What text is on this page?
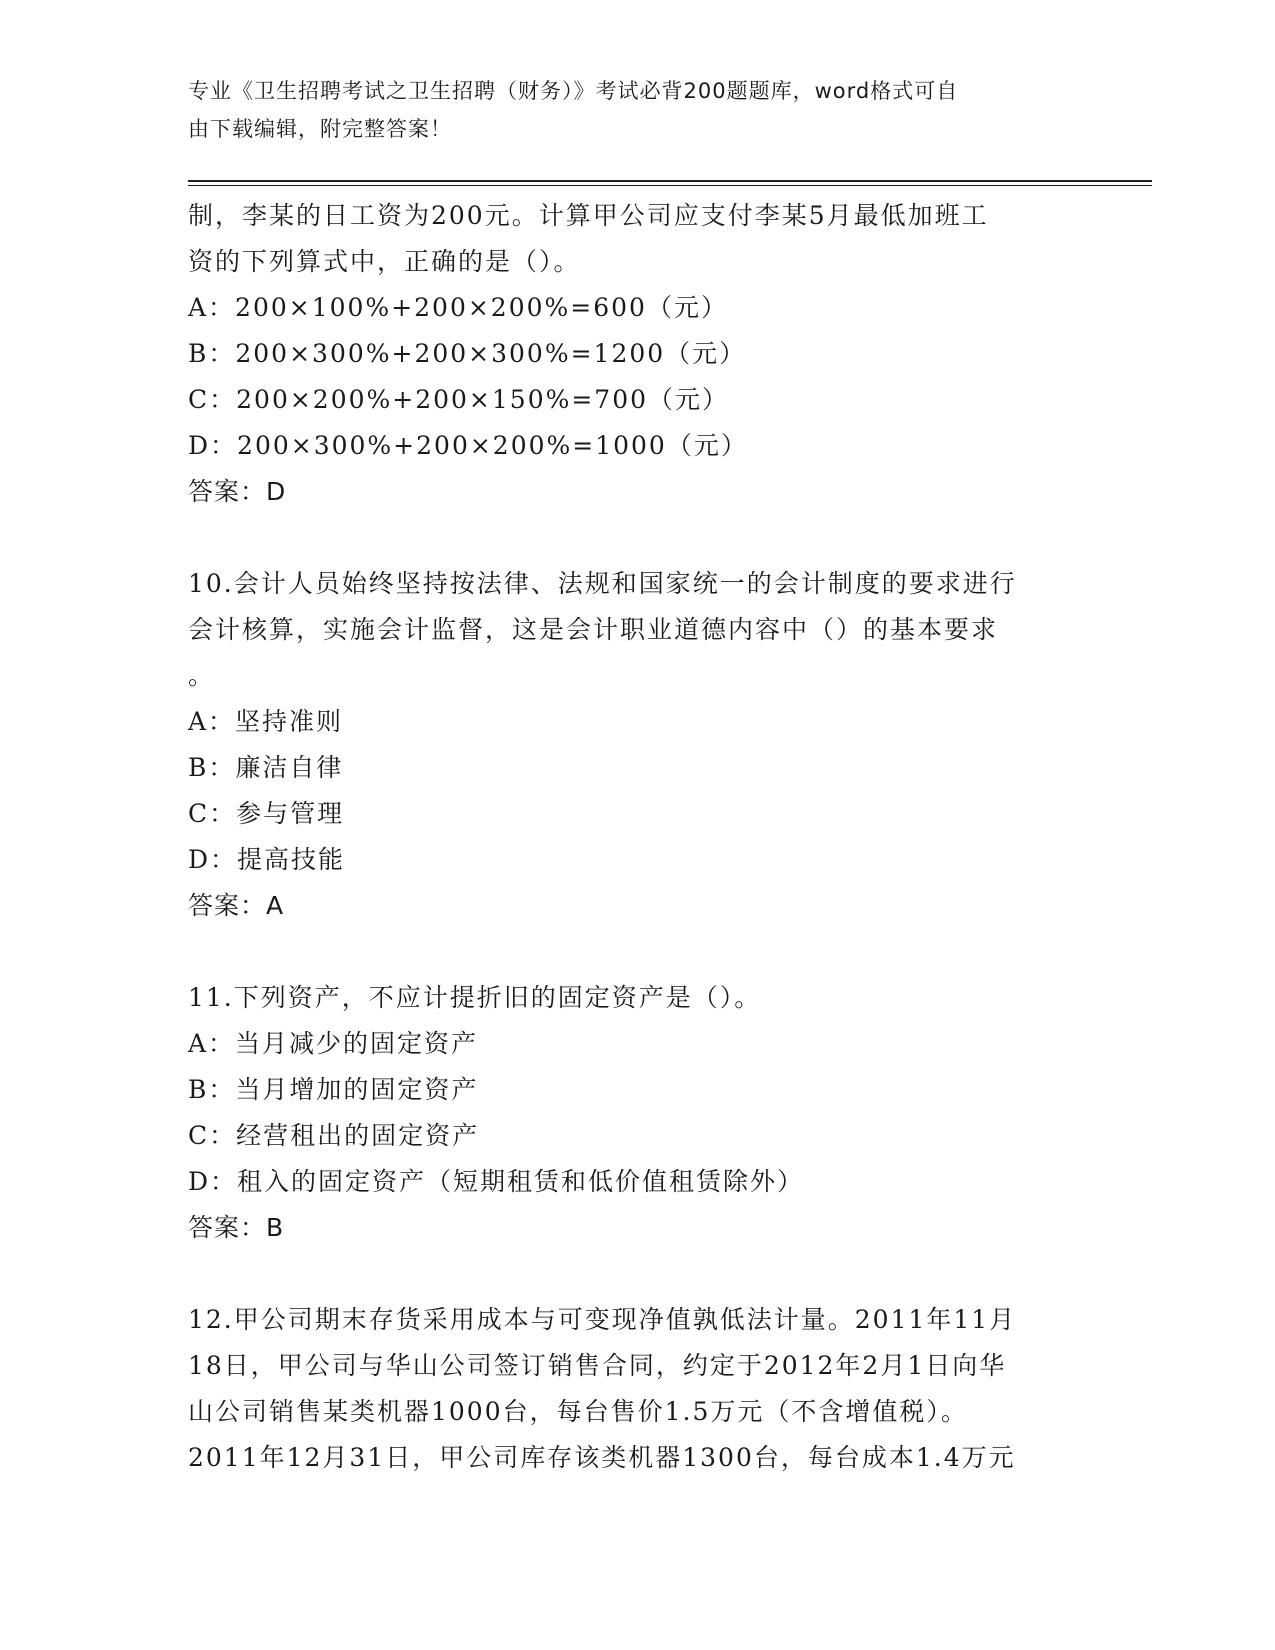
专业《卫生招聘考试之卫生招聘（财务）》考试必背200题题库，word格式可自
由下载编辑，附完整答案！

制，李某的日工资为200元。计算甲公司应支付李某5月最低加班工

资的下列算式中，正确的是（）。

A：200×100%+200×200%=600（元）

B：200×300%+200×300%=1200（元）

C：200×200%+200×150%=700（元）

D：200×300%+200×200%=1000（元）

答案：D

10.会计人员始终坚持按法律、法规和国家统一的会计制度的要求进行

会计核算，实施会计监督，这是会计职业道德内容中（）的基本要求

。

A：坚持准则

B：廉洁自律

C：参与管理

D：提高技能

答案：A

11.下列资产，不应计提折旧的固定资产是（）。

A：当月减少的固定资产

B：当月增加的固定资产

C：经营租出的固定资产

D：租入的固定资产（短期租赁和低价值租赁除外）

答案：B

12.甲公司期末存货采用成本与可变现净值孰低法计量。2011年11月

18日，甲公司与华山公司签订销售合同，约定于2012年2月1日向华

山公司销售某类机器1000台，每台售价1.5万元（不含增值税）。

2011年12月31日，甲公司库存该类机器1300台，每台成本1.4万元
